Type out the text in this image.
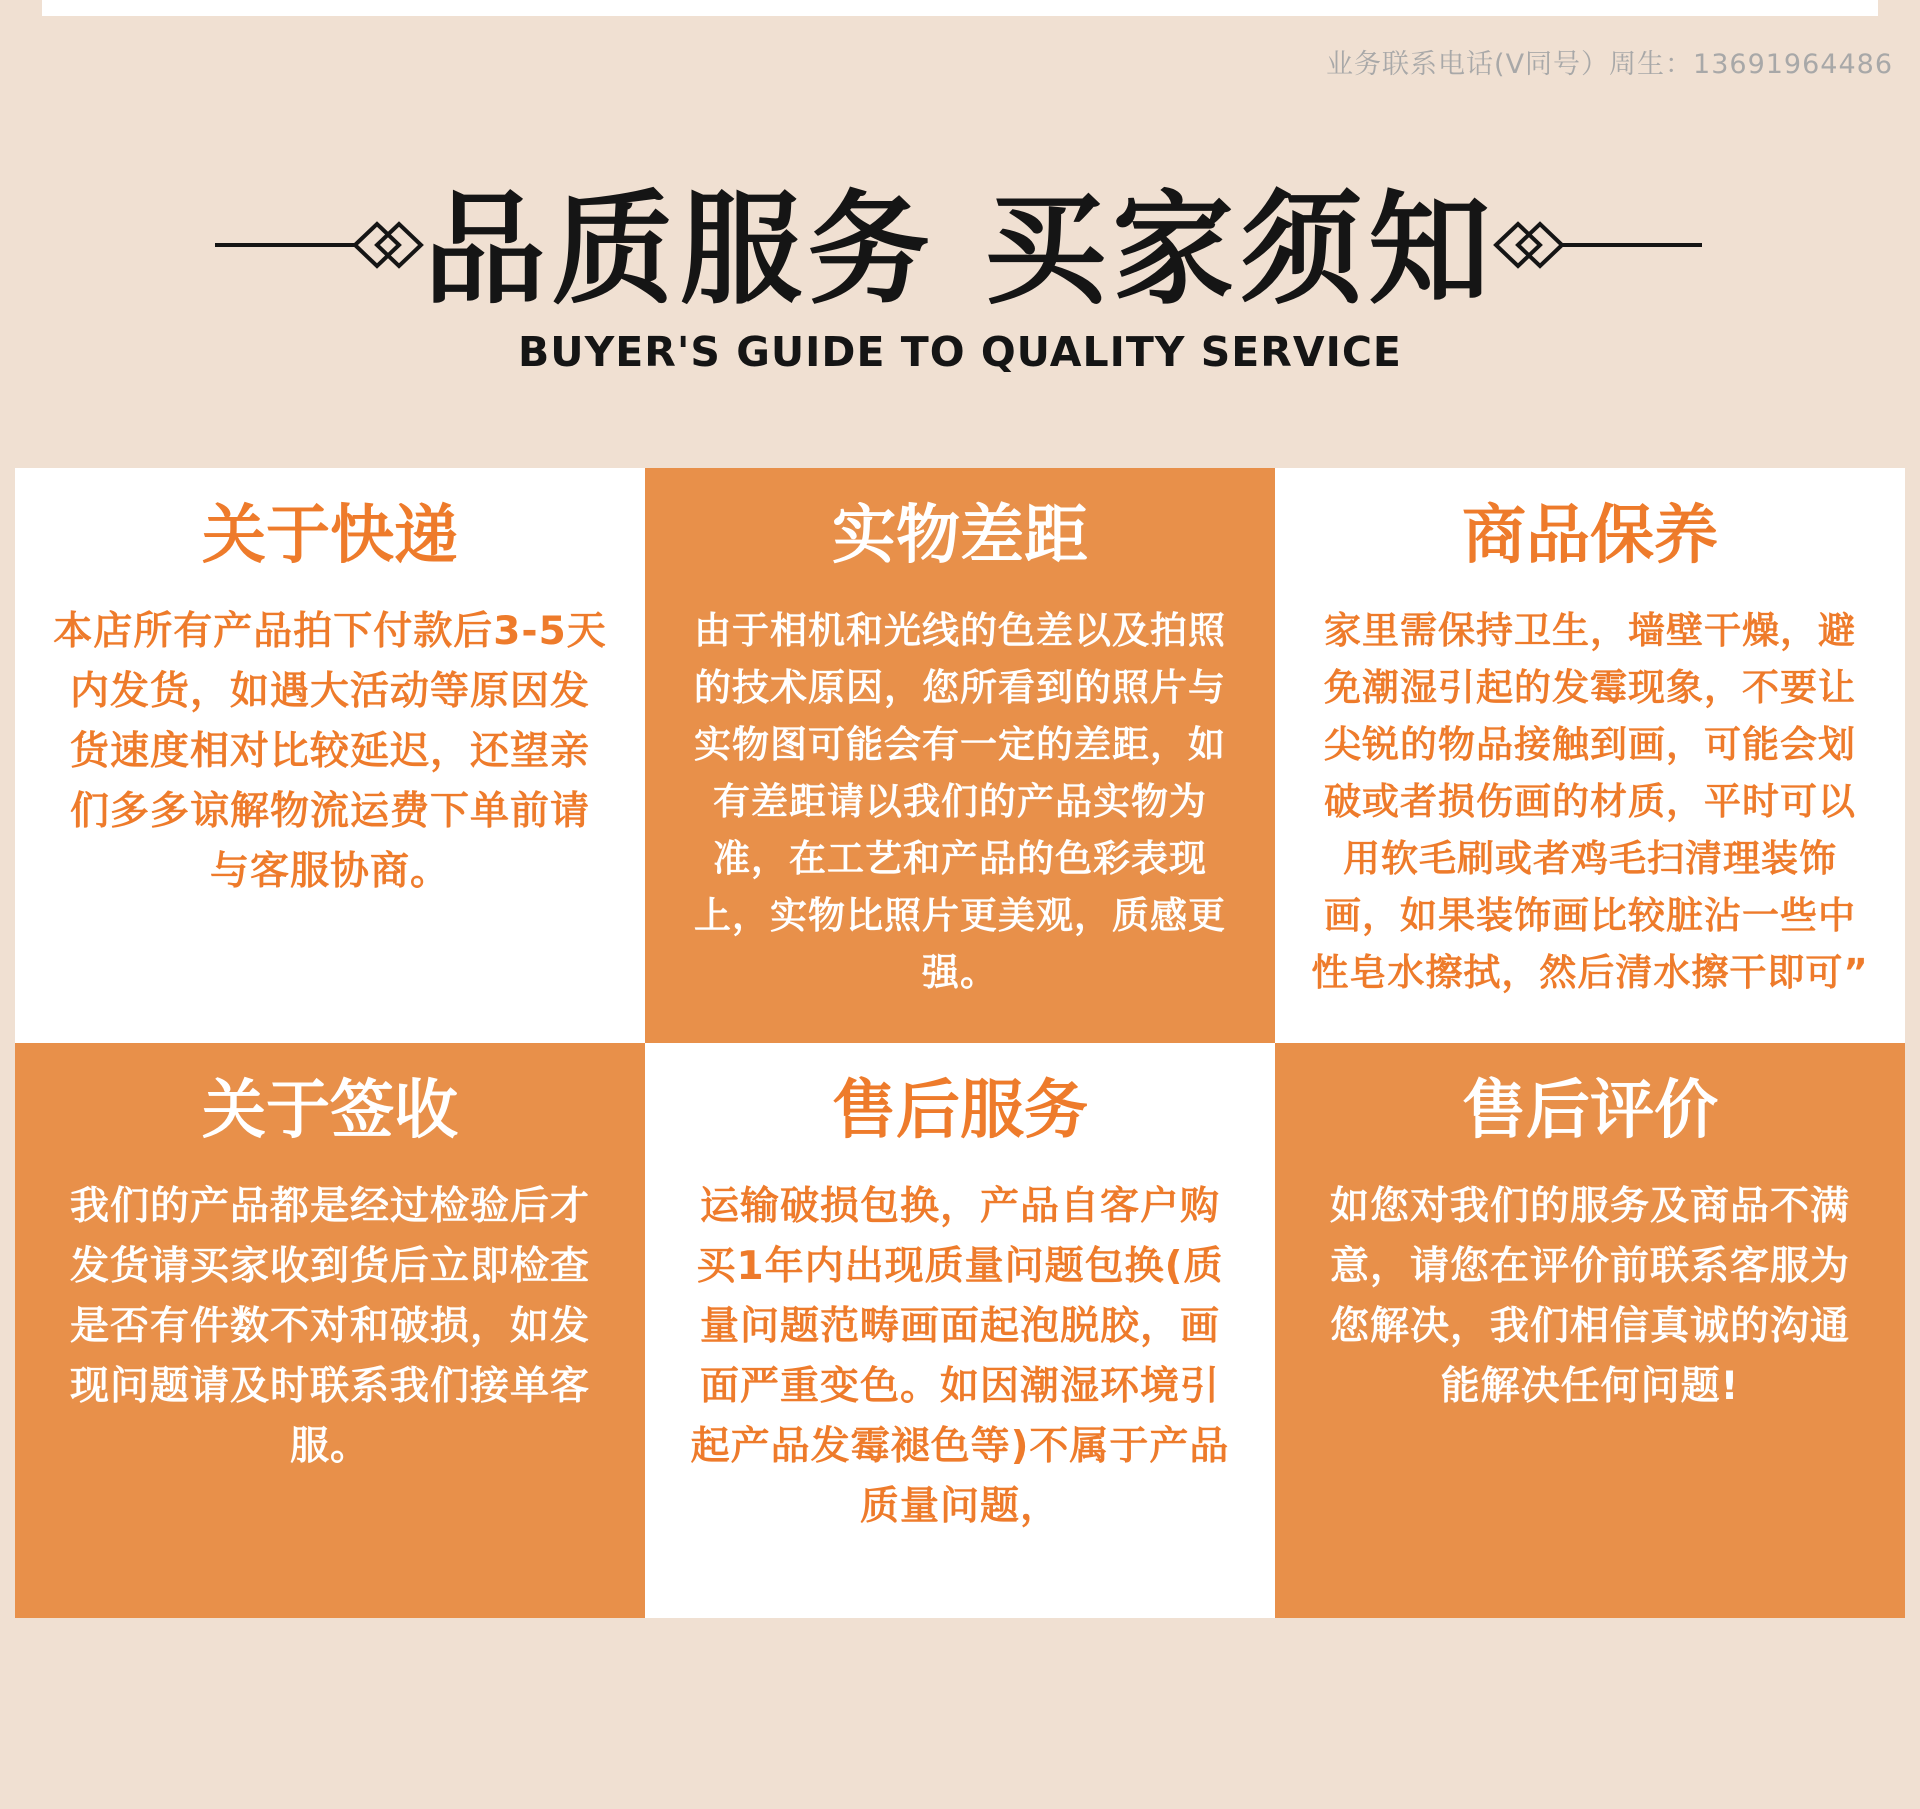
业务联系电话(V同号）周生：13691964486
品质服务 买家须知
BUYER'S GUIDE TO QUALITY SERVICE
关于快递
本店所有产品拍下付款后3-5天内发货，如遇大活动等原因发货速度相对比较延迟，还望亲们多多谅解物流运费下单前请与客服协商。
实物差距
由于相机和光线的色差以及拍照的技术原因，您所看到的照片与实物图可能会有一定的差距，如有差距请以我们的产品实物为准，在工艺和产品的色彩表现上，实物比照片更美观，质感更强。
商品保养
家里需保持卫生，墙壁干燥，避免潮湿引起的发霉现象，不要让尖锐的物品接触到画，可能会划破或者损伤画的材质，平时可以用软毛刷或者鸡毛扫清理装饰画，如果装饰画比较脏沾一些中性皂水擦拭，然后清水擦干即可”
关于签收
我们的产品都是经过检验后才发货请买家收到货后立即检查是否有件数不对和破损，如发现问题请及时联系我们接单客服。
售后服务
运输破损包换，产品自客户购买1年内出现质量问题包换(质量问题范畴画面起泡脱胶，画面严重变色。如因潮湿环境引起产品发霉褪色等)不属于产品质量问题，
售后评价
如您对我们的服务及商品不满意，请您在评价前联系客服为您解决，我们相信真诚的沟通能解决任何问题!
